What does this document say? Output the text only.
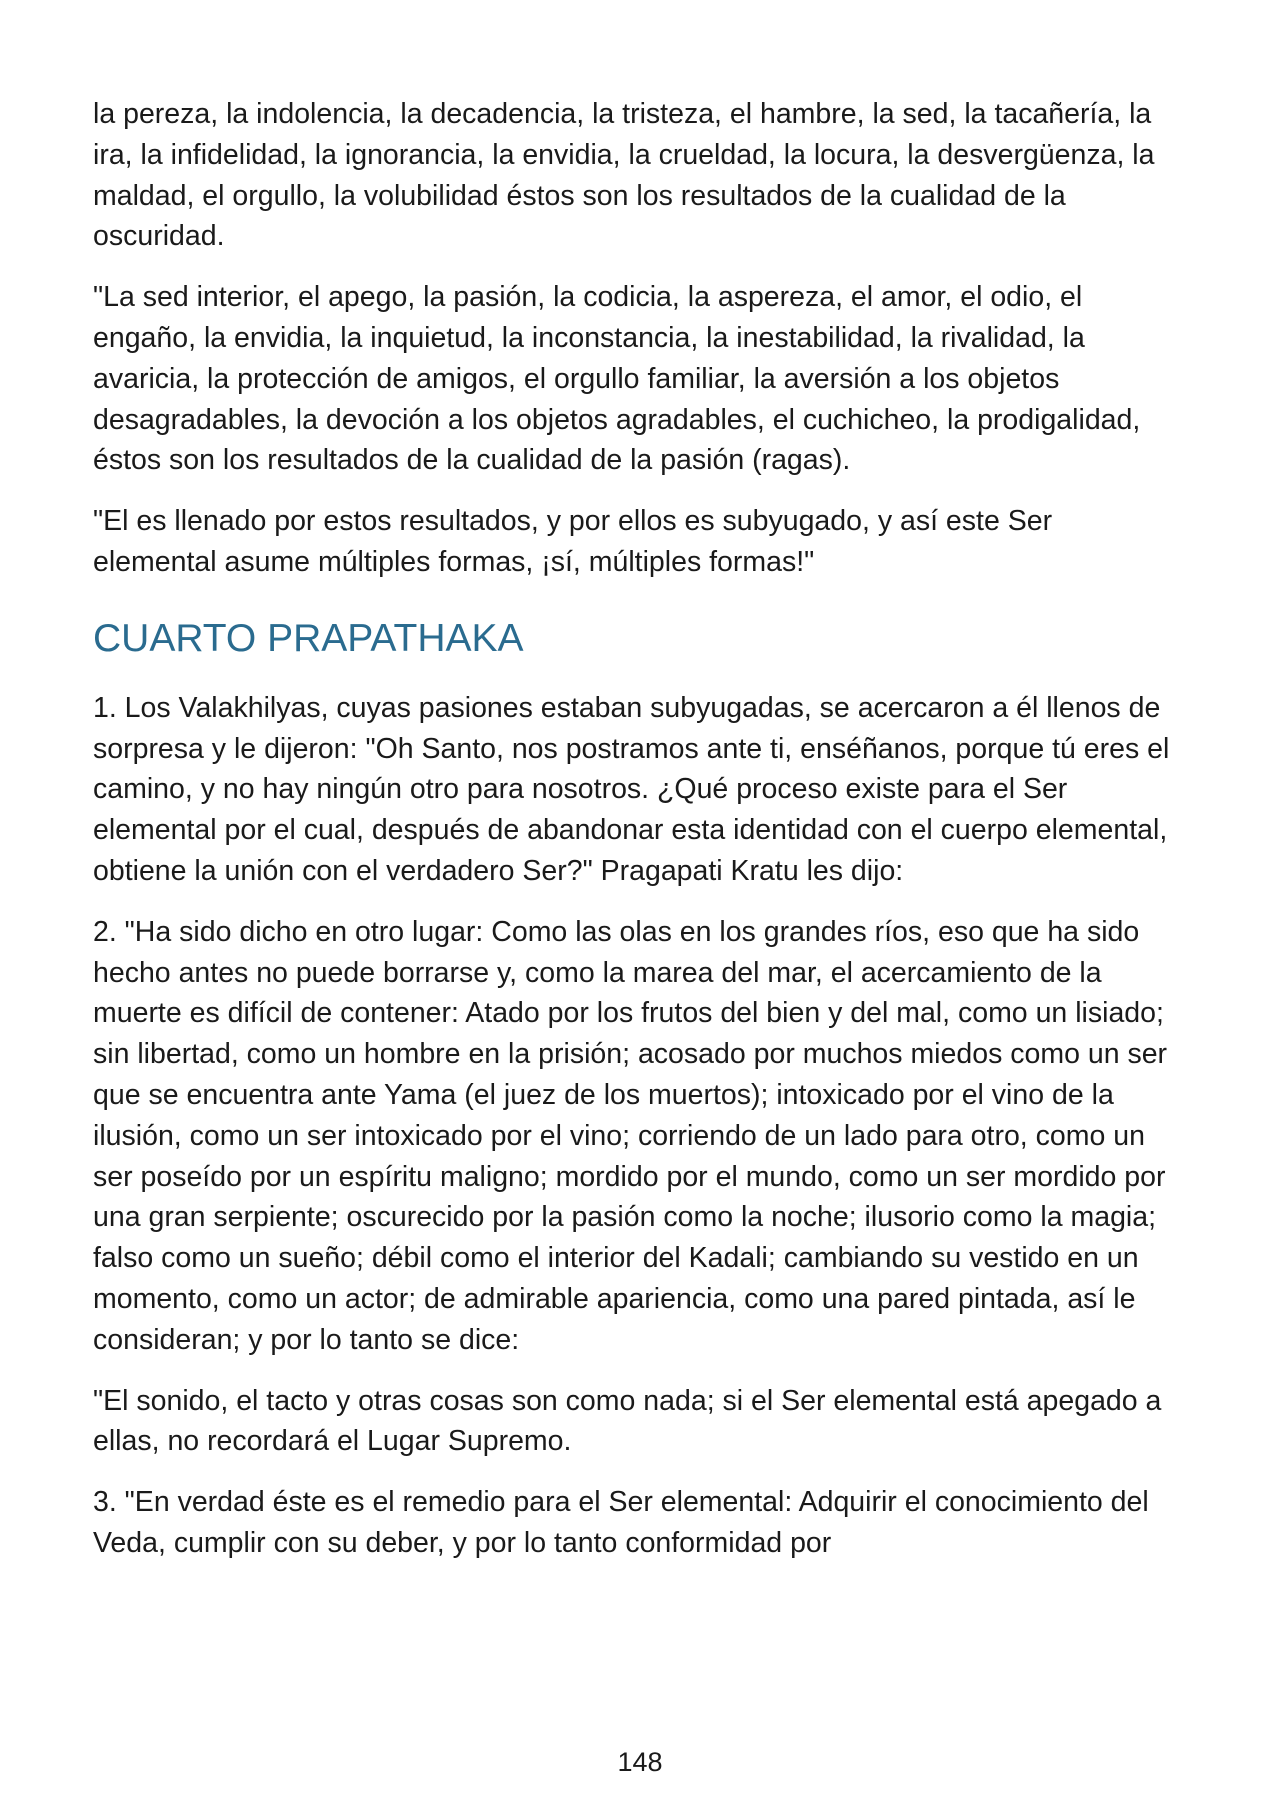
la pereza, la indolencia, la decadencia, la tristeza, el hambre, la sed, la tacañería, la ira, la infidelidad, la ignorancia, la envidia, la crueldad, la locura, la desvergüenza, la maldad, el orgullo, la volubilidad éstos son los resultados de la cualidad de la oscuridad.

"La sed interior, el apego, la pasión, la codicia, la aspereza, el amor, el odio, el engaño, la envidia, la inquietud, la inconstancia, la inestabilidad, la rivalidad, la avaricia, la protección de amigos, el orgullo familiar, la aversión a los objetos desagradables, la devoción a los objetos agradables, el cuchicheo, la prodigalidad, éstos son los resultados de la cualidad de la pasión (ragas).

"El es llenado por estos resultados, y por ellos es subyugado, y así este Ser elemental asume múltiples formas, ¡sí, múltiples formas!"

CUARTO PRAPATHAKA

1. Los Valakhilyas, cuyas pasiones estaban subyugadas, se acercaron a él llenos de sorpresa y le dijeron: "Oh Santo, nos postramos ante ti, enséñanos, porque tú eres el camino, y no hay ningún otro para nosotros. ¿Qué proceso existe para el Ser elemental por el cual, después de abandonar esta identidad con el cuerpo elemental, obtiene la unión con el verdadero Ser?" Pragapati Kratu les dijo:

2. "Ha sido dicho en otro lugar: Como las olas en los grandes ríos, eso que ha sido hecho antes no puede borrarse y, como la marea del mar, el acercamiento de la muerte es difícil de contener: Atado por los frutos del bien y del mal, como un lisiado; sin libertad, como un hombre en la prisión; acosado por muchos miedos como un ser que se encuentra ante Yama (el juez de los muertos); intoxicado por el vino de la ilusión, como un ser intoxicado por el vino; corriendo de un lado para otro, como un ser poseído por un espíritu maligno; mordido por el mundo, como un ser mordido por una gran serpiente; oscurecido por la pasión como la noche; ilusorio como la magia; falso como un sueño; débil como el interior del Kadali; cambiando su vestido en un momento, como un actor; de admirable apariencia, como una pared pintada, así le consideran; y por lo tanto se dice:

"El sonido, el tacto y otras cosas son como nada; si el Ser elemental está apegado a ellas, no recordará el Lugar Supremo.

3. "En verdad éste es el remedio para el Ser elemental: Adquirir el conocimiento del Veda, cumplir con su deber, y por lo tanto conformidad por

148
